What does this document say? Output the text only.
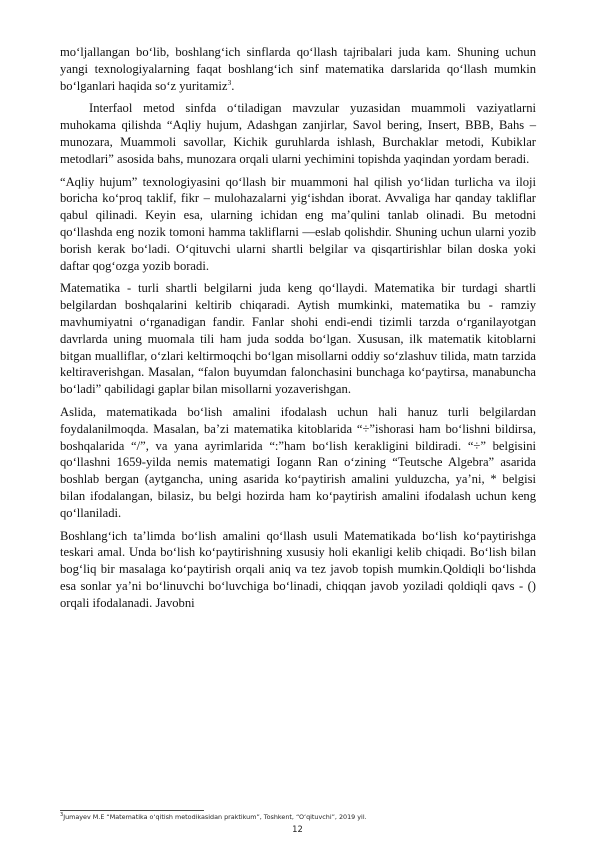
mo‘ljallangan bo‘lib, boshlang‘ich sinflarda qo‘llash tajribalari juda kam. Shuning uchun yangi texnologiyalarning faqat boshlang‘ich sinf matematika darslarida qo‘llash mumkin bo‘lganlari haqida so‘z yuritamiz$^3$.

Interfaol metod sinfda o‘tiladigan mavzular yuzasidan muammoli vaziyatlarni muhokama qilishda “Aqliy hujum, Adashgan zanjirlar, Savol bering, Insert, BBB, Bahs – munozara, Muammoli savollar, Kichik guruhlarda ishlash, Burchaklar metodi, Kubiklar metodlari” asosida bahs, munozara orqali ularni yechimini topishda yaqindan yordam beradi.

“Aqliy hujum” texnologiyasini qo‘llash bir muammoni hal qilish yo‘lidan turlicha va iloji boricha ko‘proq taklif, fikr – mulohazalarni yig‘ishdan iborat. Avvaliga har qanday takliflar qabul qilinadi. Keyin esa, ularning ichidan eng ma’qulini tanlab olinadi. Bu metodni qo‘llashda eng nozik tomoni hamma takliflarni ―eslab qolishdir. Shuning uchun ularni yozib borish kerak bo‘ladi. O‘qituvchi ularni shartli belgilar va qisqartirishlar bilan doska yoki daftar qog‘ozga yozib boradi.

Matematika - turli shartli belgilarni juda keng qo‘llaydi. Matematika bir turdagi shartli belgilardan boshqalarini keltirib chiqaradi. Aytish mumkinki, matematika bu - ramziy mavhumiyatni o‘rganadigan fandir. Fanlar shohi endi-endi tizimli tarzda o‘rganilayotgan davrlarda uning muomala tili ham juda sodda bo‘lgan. Xususan, ilk matematik kitoblarni bitgan mualliflar, o‘zlari keltirmoqchi bo‘lgan misollarni oddiy so‘zlashuv tilida, matn tarzida keltiraverishgan. Masalan, “falon buyumdan falonchasini bunchaga ko‘paytirsa, manabuncha bo‘ladi” qabilidagi gaplar bilan misollarni yozaverishgan.

Aslida, matematikada bo‘lish amalini ifodalash uchun hali hanuz turli belgilardan foydalanilmoqda. Masalan, ba’zi matematika kitoblarida “÷”ishorasi ham bo‘lishni bildirsa, boshqalarida “/”, va yana ayrimlarida “:”ham bo‘lish kerakligini bildiradi. “÷” belgisini qo‘llashni 1659-yilda nemis matematigi Iogann Ran o‘zining “Teutsche Algebra” asarida boshlab bergan (aytgancha, uning asarida ko‘paytirish amalini yulduzcha, ya’ni, * belgisi bilan ifodalangan, bilasiz, bu belgi hozirda ham ko‘paytirish amalini ifodalash uchun keng qo‘llaniladi.

Boshlang‘ich ta’limda bo‘lish amalini qo‘llash usuli Matematikada bo‘lish ko‘paytirishga teskari amal. Unda bo‘lish ko‘paytirishning xususiy holi ekanligi kelib chiqadi. Bo‘lish bilan bog‘liq bir masalaga ko‘paytirish orqali aniq va tez javob topish mumkin.Qoldiqli bo‘lishda esa sonlar ya’ni bo‘linuvchi bo‘luvchiga bo‘linadi, chiqqan javob yoziladi qoldiqli qavs - () orqali ifodalanadi. Javobni

$^3$Jumayev M.E “Matematika o‘qitish metodikasidan praktikum”, Toshkent, “O‘qituvchi”, 2019 yil.
12
